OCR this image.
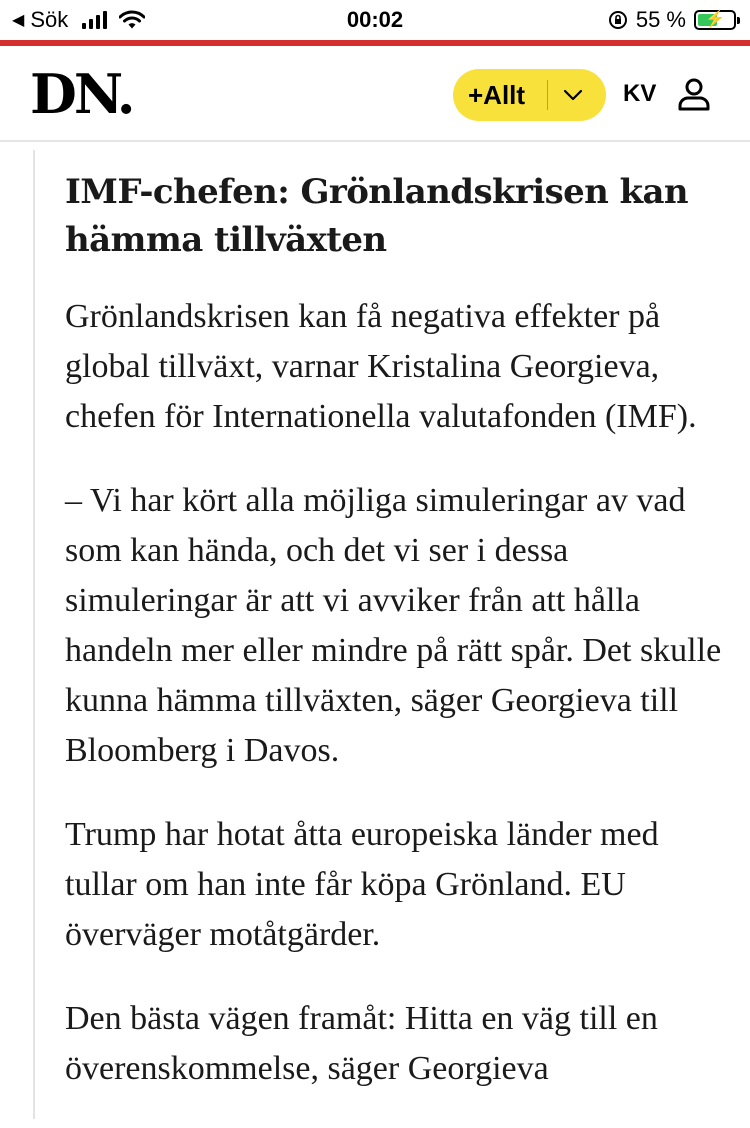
◀ Sök	00:02	55 %	⚡
DN.	+Allt	KV
IMF-chefen: Grönlandskrisen kan hämma tillväxten

Grönlandskrisen kan få negativa effekter på global tillväxt, varnar Kristalina Georgieva, chefen för Internationella valutafonden (IMF).

– Vi har kört alla möjliga simuleringar av vad som kan hända, och det vi ser i dessa simuleringar är att vi avviker från att hålla handeln mer eller mindre på rätt spår. Det skulle kunna hämma tillväxten, säger Georgieva till Bloomberg i Davos.

Trump har hotat åtta europeiska länder med tullar om han inte får köpa Grönland. EU överväger motåtgärder.

Den bästa vägen framåt: Hitta en väg till en överenskommelse, säger Georgieva
